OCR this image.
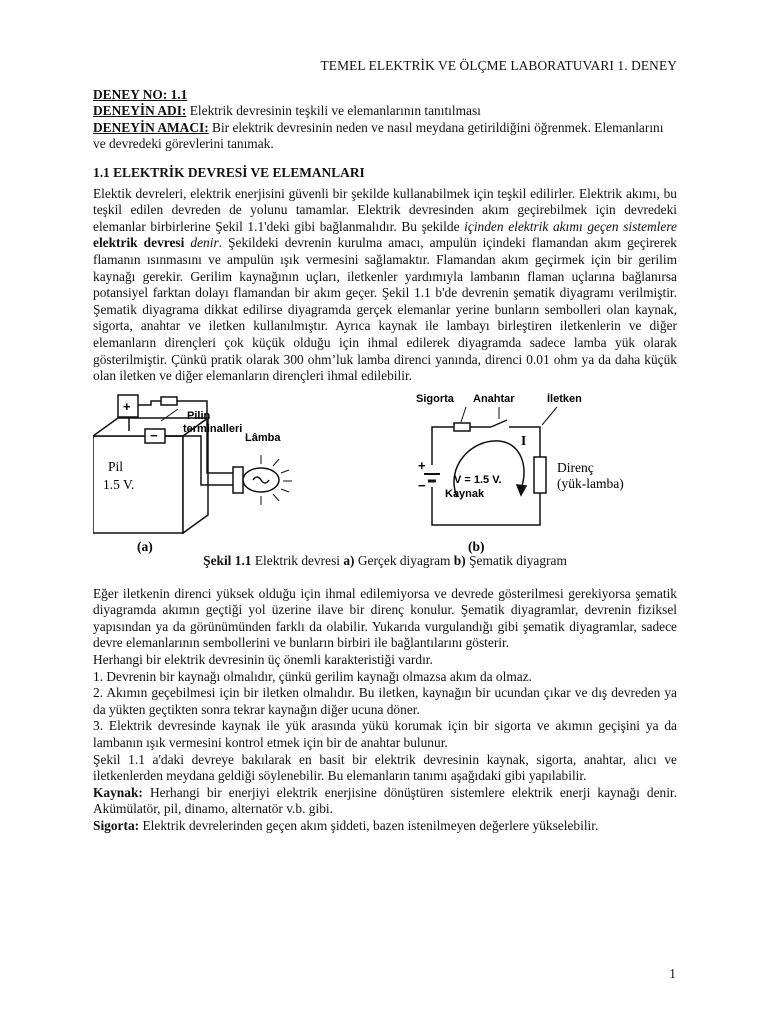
TEMEL ELEKTRİK VE ÖLÇME LABORATUVARI 1. DENEY
DENEY NO: 1.1
DENEYİN ADI: Elektrik devresinin teşkili ve elemanlarının tanıtılması
DENEYİN AMACI: Bir elektrik devresinin neden ve nasıl meydana getirildiğini öğrenmek. Elemanlarını ve devredeki görevlerini tanımak.
1.1 ELEKTRİK DEVRESİ VE ELEMANLARI

Elektik devreleri, elektrik enerjisini güvenli bir şekilde kullanabilmek için teşkil edilirler. Elektrik akımı, bu teşkil edilen devreden de yolunu tamamlar. Elektrik devresinden akım geçirebilmek için devredeki elemanlar birbirlerine Şekil 1.1'deki gibi bağlanmalıdır. Bu şekilde içinden elektrik akımı geçen sistemlere elektrik devresi denir. Şekildeki devrenin kurulma amacı, ampulün içindeki flamandan akım geçirerek flamanın ısınmasını ve ampulün ışık vermesini sağlamaktır. Flamandan akım geçirmek için bir gerilim kaynağı gerekir. Gerilim kaynağının uçları, iletkenler yardımıyla lambanın flaman uçlarına bağlanırsa potansiyel farktan dolayı flamandan bir akım geçer. Şekil 1.1 b'de devrenin şematik diyagramı verilmiştir. Şematik diyagrama dikkat edilirse diyagramda gerçek elemanlar yerine bunların sembolleri olan kaynak, sigorta, anahtar ve iletken kullanılmıştır. Ayrıca kaynak ile lambayı birleştiren iletkenlerin ve diğer elemanların dirençleri çok küçük olduğu için ihmal edilerek diyagramda sadece lamba yük olarak gösterilmiştir. Çünkü pratik olarak 300 ohm’luk lamba direnci yanında, direnci 0.01 ohm ya da daha küçük olan iletken ve diğer elemanların dirençleri ihmal edilebilir.

+
−
Pilin
terminalleri
Lâmba
Pil
1.5 V.
(a)
Sigorta Anahtar	İletken
I
+
−	V = 1.5 V.
Kaynak
Direnç
(yük-lamba)
(b)
Şekil 1.1 Elektrik devresi a) Gerçek diyagram b) Şematik diyagram

Eğer iletkenin direnci yüksek olduğu için ihmal edilemiyorsa ve devrede gösterilmesi gerekiyorsa şematik diyagramda akımın geçtiği yol üzerine ilave bir direnç konulur. Şematik diyagramlar, devrenin fiziksel yapısından ya da görünümünden farklı da olabilir. Yukarıda vurgulandığı gibi şematik diyagramlar, sadece devre elemanlarının sembollerini ve bunların birbiri ile bağlantılarını gösterir.

Herhangi bir elektrik devresinin üç önemli karakteristiği vardır.

1. Devrenin bir kaynağı olmalıdır, çünkü gerilim kaynağı olmazsa akım da olmaz.

2. Akımın geçebilmesi için bir iletken olmalıdır. Bu iletken, kaynağın bir ucundan çıkar ve dış devreden ya da yükten geçtikten sonra tekrar kaynağın diğer ucuna döner.

3. Elektrik devresinde kaynak ile yük arasında yükü korumak için bir sigorta ve akımın geçişini ya da lambanın ışık vermesini kontrol etmek için bir de anahtar bulunur.

Şekil 1.1 a'daki devreye bakılarak en basit bir elektrik devresinin kaynak, sigorta, anahtar, alıcı ve iletkenlerden meydana geldiği söylenebilir. Bu elemanların tanımı aşağıdaki gibi yapılabilir.

Kaynak: Herhangi bir enerjiyi elektrik enerjisine dönüştüren sistemlere elektrik enerji kaynağı denir. Akümülatör, pil, dinamo, alternatör v.b. gibi.

Sigorta: Elektrik devrelerinden geçen akım şiddeti, bazen istenilmeyen değerlere yükselebilir.

1
